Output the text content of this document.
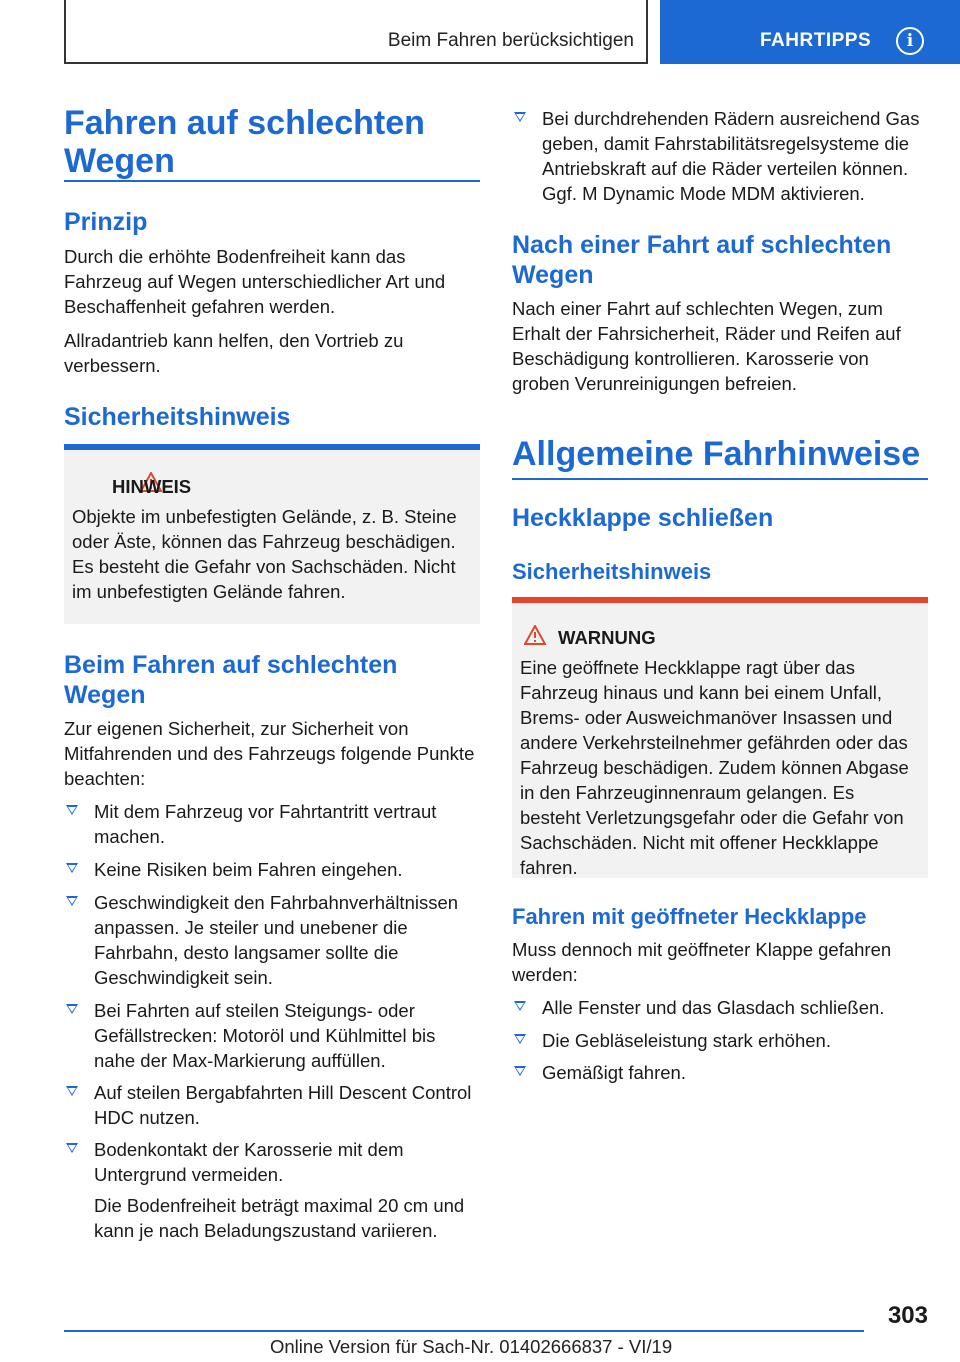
Beim Fahren berücksichtigen	FAHRTIPPS	i
Fahren auf schlechten Wegen
Prinzip
Durch die erhöhte Bodenfreiheit kann das Fahrzeug auf Wegen unterschiedlicher Art und Beschaffenheit gefahren werden.
Allradantrieb kann helfen, den Vortrieb zu verbessern.
Sicherheitshinweis
HINWEIS
Objekte im unbefestigten Gelände, z. B. Steine oder Äste, können das Fahrzeug beschädigen. Es besteht die Gefahr von Sachschäden. Nicht im unbefestigten Gelände fahren.
Beim Fahren auf schlechten Wegen
Zur eigenen Sicherheit, zur Sicherheit von Mitfahrenden und des Fahrzeugs folgende Punkte beachten:
Mit dem Fahrzeug vor Fahrtantritt vertraut machen.
Keine Risiken beim Fahren eingehen.
Geschwindigkeit den Fahrbahnverhältnissen anpassen. Je steiler und unebener die Fahrbahn, desto langsamer sollte die Geschwindigkeit sein.
Bei Fahrten auf steilen Steigungs- oder Gefällstrecken: Motoröl und Kühlmittel bis nahe der Max-Markierung auffüllen.
Auf steilen Bergabfahrten Hill Descent Control HDC nutzen.
Bodenkontakt der Karosserie mit dem Untergrund vermeiden.
Die Bodenfreiheit beträgt maximal 20 cm und kann je nach Beladungszustand variieren.
Bei durchdrehenden Rädern ausreichend Gas geben, damit Fahrstabilitätsregelsysteme die Antriebskraft auf die Räder verteilen können. Ggf. M Dynamic Mode MDM aktivieren.
Nach einer Fahrt auf schlechten Wegen
Nach einer Fahrt auf schlechten Wegen, zum Erhalt der Fahrsicherheit, Räder und Reifen auf Beschädigung kontrollieren. Karosserie von groben Verunreinigungen befreien.
Allgemeine Fahrhinweise
Heckklappe schließen
Sicherheitshinweis
WARNUNG
Eine geöffnete Heckklappe ragt über das Fahrzeug hinaus und kann bei einem Unfall, Brems- oder Ausweichmanöver Insassen und andere Verkehrsteilnehmer gefährden oder das Fahrzeug beschädigen. Zudem können Abgase in den Fahrzeuginnenraum gelangen. Es besteht Verletzungsgefahr oder die Gefahr von Sachschäden. Nicht mit offener Heckklappe fahren.
Fahren mit geöffneter Heckklappe
Muss dennoch mit geöffneter Klappe gefahren werden:
Alle Fenster und das Glasdach schließen.
Die Gebläseleistung stark erhöhen.
Gemäßigt fahren.
303
Online Version für Sach-Nr. 01402666837 - VI/19
